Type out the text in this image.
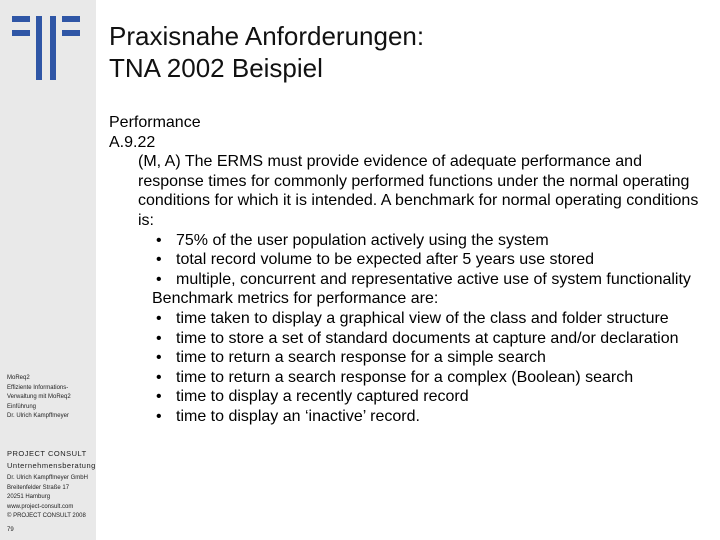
MoReq2
Effiziente Informations-
Verwaltung mit MoReq2
Einführung
Dr. Ulrich Kampffmeyer
PROJECT CONSULT
Unternehmensberatung
Dr. Ulrich Kampffmeyer GmbH
Breitenfelder Straße 17
20251 Hamburg
www.project-consult.com
© PROJECT CONSULT 2008
79
Praxisnahe Anforderungen:
TNA 2002 Beispiel
Performance
A.9.22
(M, A) The ERMS must provide evidence of adequate performance and response times for commonly performed functions under the normal operating conditions for which it is intended. A benchmark for normal operating conditions is:
• 75% of the user population actively using the system
• total record volume to be expected after 5 years use stored
• multiple, concurrent and representative active use of system functionality
Benchmark metrics for performance are:
• time taken to display a graphical view of the class and folder structure
• time to store a set of standard documents at capture and/or declaration
• time to return a search response for a simple search
• time to return a search response for a complex (Boolean) search
• time to display a recently captured record
• time to display an ‘inactive’ record.
